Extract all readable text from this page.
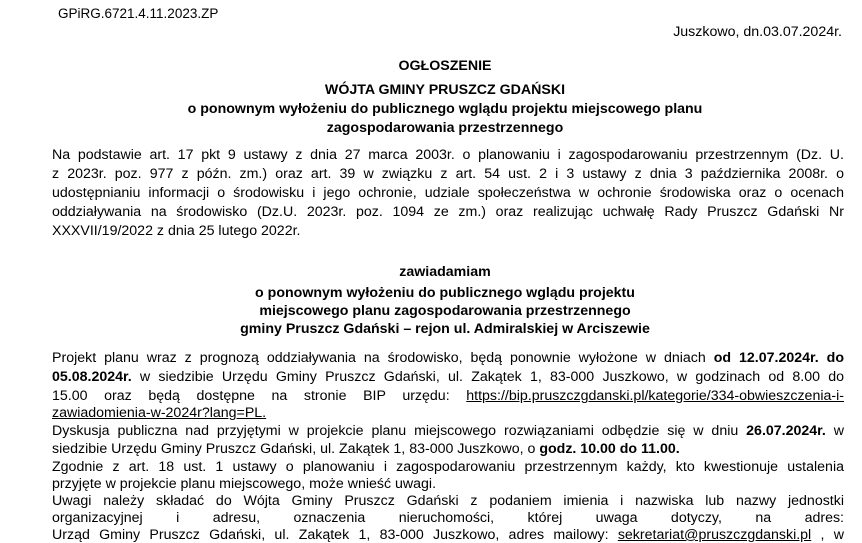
GPiRG.6721.4.11.2023.ZP
Juszkowo, dn.03.07.2024r.
OGŁOSZENIE
WÓJTA GMINY PRUSZCZ GDAŃSKI
o ponownym wyłożeniu do publicznego wglądu projektu miejscowego planu
zagospodarowania przestrzennego
Na podstawie art. 17 pkt 9 ustawy z dnia 27 marca 2003r. o planowaniu i zagospodarowaniu przestrzennym (Dz. U.
z 2023r. poz. 977 z późn. zm.) oraz art. 39 w związku z art. 54 ust. 2 i 3 ustawy z dnia 3 października 2008r. o
udostępnianiu informacji o środowisku i jego ochronie, udziale społeczeństwa w ochronie środowiska oraz o ocenach
oddziaływania na środowisko (Dz.U. 2023r. poz. 1094 ze zm.) oraz realizując uchwałę Rady Pruszcz Gdański Nr
XXXVII/19/2022 z dnia 25 lutego 2022r.
zawiadamiam
o ponownym wyłożeniu do publicznego wglądu projektu
miejscowego planu zagospodarowania przestrzennego
gminy Pruszcz Gdański – rejon ul. Admiralskiej w Arciszewie
Projekt planu wraz z prognozą oddziaływania na środowisko, będą ponownie wyłożone w dniach od 12.07.2024r. do
05.08.2024r. w siedzibie Urzędu Gminy Pruszcz Gdański, ul. Zakątek 1, 83-000 Juszkowo, w godzinach od 8.00 do
15.00 oraz będą dostępne na stronie BIP urzędu: https://bip.pruszczgdanski.pl/kategorie/334-obwieszczenia-i-
zawiadomienia-w-2024r?lang=PL.
Dyskusja publiczna nad przyjętymi w projekcie planu miejscowego rozwiązaniami odbędzie się w dniu 26.07.2024r. w
siedzibie Urzędu Gminy Pruszcz Gdański, ul. Zakątek 1, 83-000 Juszkowo, o godz. 10.00 do 11.00.
Zgodnie z art. 18 ust. 1 ustawy o planowaniu i zagospodarowaniu przestrzennym każdy, kto kwestionuje ustalenia
przyjęte w projekcie planu miejscowego, może wnieść uwagi.
Uwagi należy składać do Wójta Gminy Pruszcz Gdański z podaniem imienia i nazwiska lub nazwy jednostki
organizacyjnej i adresu, oznaczenia nieruchomości, której uwaga dotyczy, na adres:
Urząd Gminy Pruszcz Gdański, ul. Zakątek 1, 83-000 Juszkowo, adres mailowy: sekretariat@pruszczgdanski.pl , w
